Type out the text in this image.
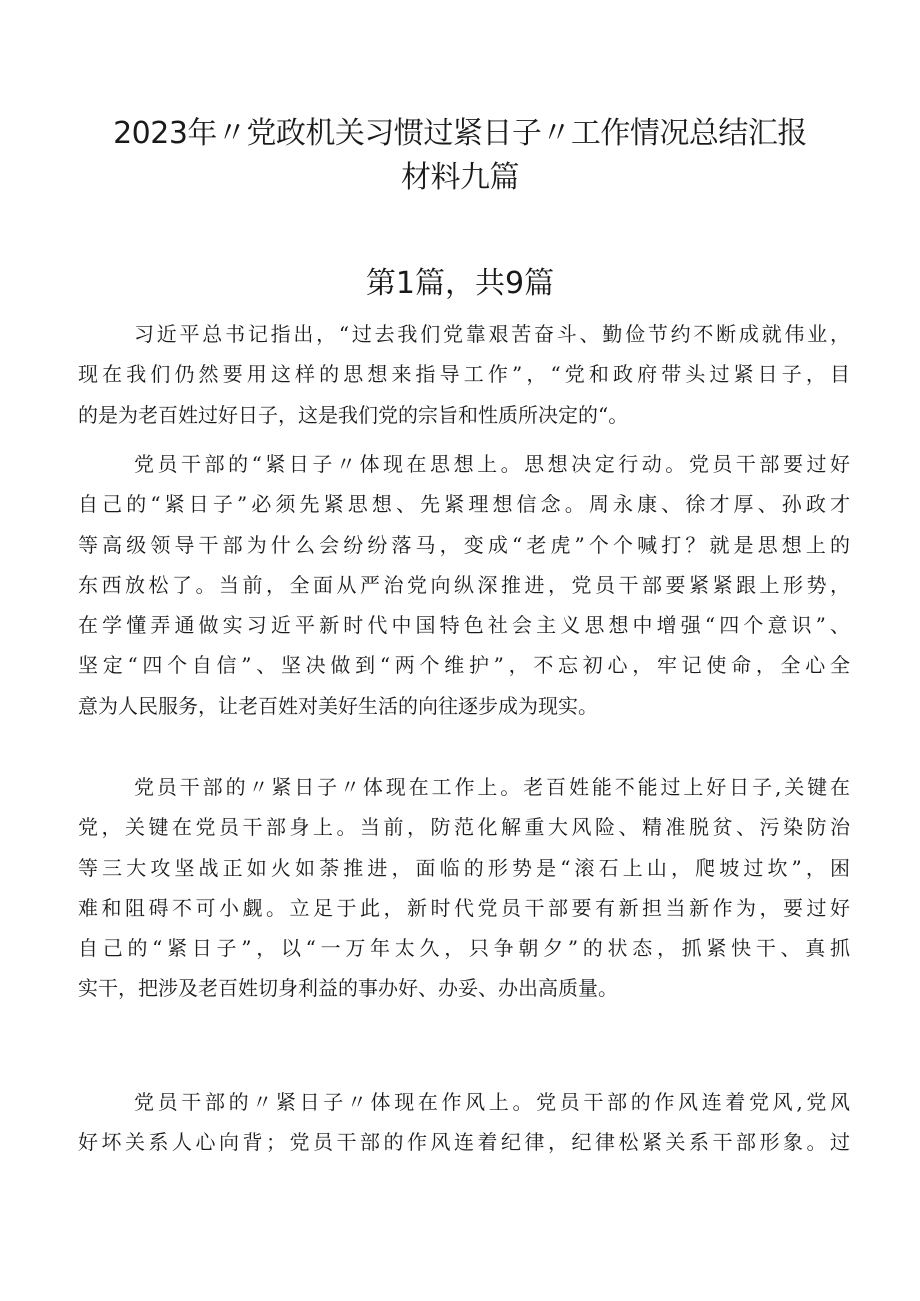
2023年〃党政机关习惯过紧日子〃工作情况总结汇报
材料九篇
第1篇，共9篇
习近平总书记指出，“过去我们党靠艰苦奋斗、勤俭节约不断成就伟业，
现在我们仍然要用这样的思想来指导工作”，“党和政府带头过紧日子，目
的是为老百姓过好日子，这是我们党的宗旨和性质所决定的“。
党员干部的“紧日子〃体现在思想上。思想决定行动。党员干部要过好
自己的“紧日子”必须先紧思想、先紧理想信念。周永康、徐才厚、孙政才
等高级领导干部为什么会纷纷落马，变成“老虎”个个喊打？就是思想上的
东西放松了。当前，全面从严治党向纵深推进，党员干部要紧紧跟上形势，
在学懂弄通做实习近平新时代中国特色社会主义思想中增强“四个意识”、
坚定“四个自信”、坚决做到“两个维护”，不忘初心，牢记使命，全心全
意为人民服务，让老百姓对美好生活的向往逐步成为现实。
党员干部的〃紧日子〃体现在工作上。老百姓能不能过上好日子,关键在
党，关键在党员干部身上。当前，防范化解重大风险、精准脱贫、污染防治
等三大攻坚战正如火如荼推进，面临的形势是“滚石上山，爬坡过坎”，困
难和阻碍不可小觑。立足于此，新时代党员干部要有新担当新作为，要过好
自己的“紧日子”，以“一万年太久，只争朝夕”的状态，抓紧快干、真抓
实干，把涉及老百姓切身利益的事办好、办妥、办出高质量。
党员干部的〃紧日子〃体现在作风上。党员干部的作风连着党风,党风
好坏关系人心向背；党员干部的作风连着纪律，纪律松紧关系干部形象。过
